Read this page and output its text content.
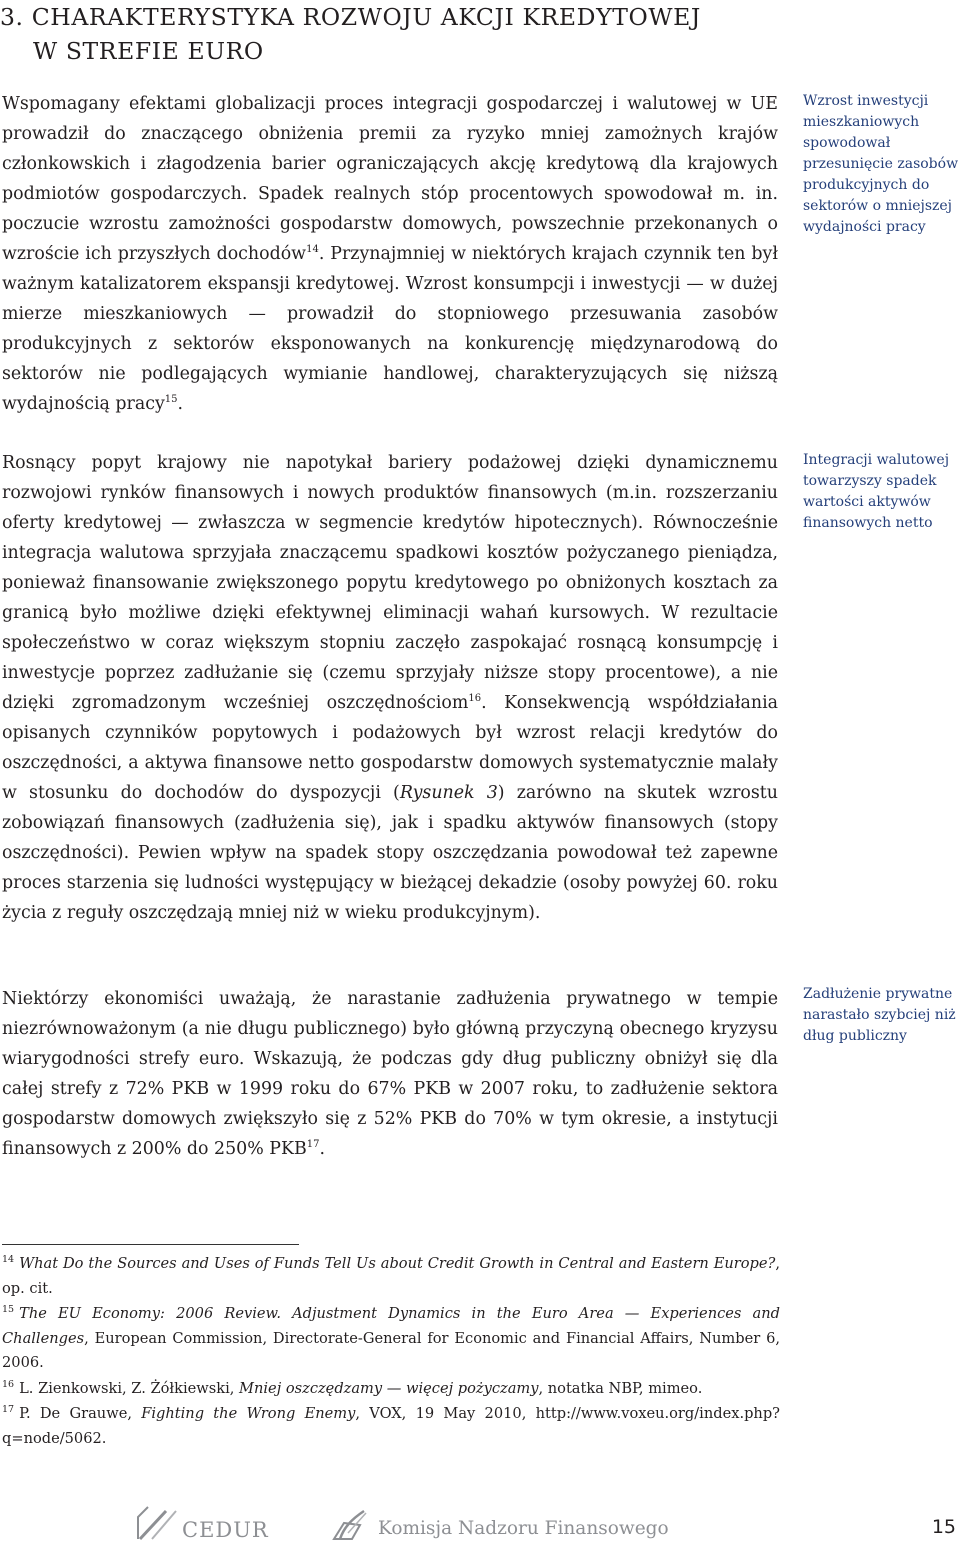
3. CHARAKTERYSTYKA ROZWOJU AKCJI KREDYTOWEJ
W STREFIE EURO

Wspomagany efektami globalizacji proces integracji gospodarczej i walutowej w UE prowadził do znaczącego obniżenia premii za ryzyko mniej zamożnych krajów członkowskich i złagodzenia barier ograniczających akcję kredytową dla krajowych podmiotów gospodarczych. Spadek realnych stóp procentowych spowodował m. in. poczucie wzrostu zamożności gospodarstw domowych, powszechnie przekonanych o wzroście ich przyszłych dochodów$^{14}$. Przynajmniej w niektórych krajach czynnik ten był ważnym katalizatorem ekspansji kredytowej. Wzrost konsumpcji i inwestycji — w dużej mierze mieszkaniowych — prowadził do stopniowego przesuwania zasobów produkcyjnych z sektorów eksponowanych na konkurencję międzynarodową do sektorów nie podlegających wymianie handlowej, charakteryzujących się niższą wydajnością pracy$^{15}$.

Rosnący popyt krajowy nie napotykał bariery podażowej dzięki dynamicznemu rozwojowi rynków finansowych i nowych produktów finansowych (m.in. rozszerzaniu oferty kredytowej — zwłaszcza w segmencie kredytów hipotecznych). Równocześnie integracja walutowa sprzyjała znaczącemu spadkowi kosztów pożyczanego pieniądza, ponieważ finansowanie zwiększonego popytu kredytowego po obniżonych kosztach za granicą było możliwe dzięki efektywnej eliminacji wahań kursowych. W rezultacie społeczeństwo w coraz większym stopniu zaczęło zaspokajać rosnącą konsumpcję i inwestycje poprzez zadłużanie się (czemu sprzyjały niższe stopy procentowe), a nie dzięki zgromadzonym wcześniej oszczędnościom$^{16}$. Konsekwencją współdziałania opisanych czynników popytowych i podażowych był wzrost relacji kredytów do oszczędności, a aktywa finansowe netto gospodarstw domowych systematycznie malały w stosunku do dochodów do dyspozycji (Rysunek 3) zarówno na skutek wzrostu zobowiązań finansowych (zadłużenia się), jak i spadku aktywów finansowych (stopy oszczędności). Pewien wpływ na spadek stopy oszczędzania powodował też zapewne proces starzenia się ludności występujący w bieżącej dekadzie (osoby powyżej 60. roku życia z reguły oszczędzają mniej niż w wieku produkcyjnym).

Niektórzy ekonomiści uważają, że narastanie zadłużenia prywatnego w tempie niezrównoważonym (a nie długu publicznego) było główną przyczyną obecnego kryzysu wiarygodności strefy euro. Wskazują, że podczas gdy dług publiczny obniżył się dla całej strefy z 72% PKB w 1999 roku do 67% PKB w 2007 roku, to zadłużenie sektora gospodarstw domowych zwiększyło się z 52% PKB do 70% w tym okresie, a instytucji finansowych z 200% do 250% PKB$^{17}$.

Wzrost inwestycji mieszkaniowych spowodował przesunięcie zasobów produkcyjnych do sektorów o mniejszej wydajności pracy

Integracji walutowej towarzyszy spadek wartości aktywów finansowych netto

Zadłużenie prywatne narastało szybciej niż dług publiczny

$^{14}$ What Do the Sources and Uses of Funds Tell Us about Credit Growth in Central and Eastern Europe?, op. cit.

$^{15}$ The EU Economy: 2006 Review. Adjustment Dynamics in the Euro Area — Experiences and Challenges, European Commission, Directorate-General for Economic and Financial Affairs, Number 6, 2006.

$^{16}$ L. Zienkowski, Z. Żółkiewski, Mniej oszczędzamy — więcej pożyczamy, notatka NBP, mimeo.

$^{17}$ P. De Grauwe, Fighting the Wrong Enemy, VOX, 19 May 2010, http://www.voxeu.org/index.php?q=node/5062.

CEDUR	Komisja Nadzoru Finansowego	15
